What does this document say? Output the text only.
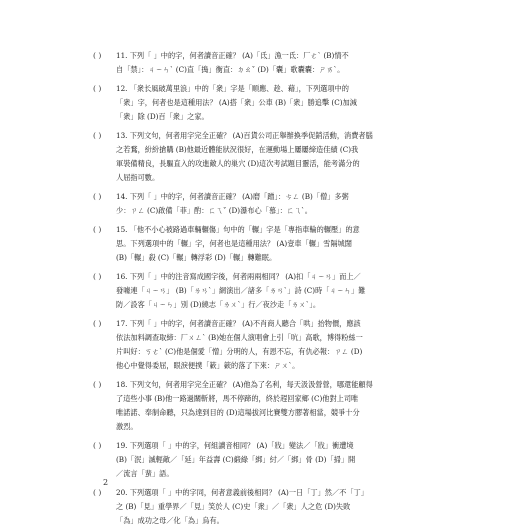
( ) 11. 下列「 」中的字，何者讀音正確？ (A)「氐」漁一氐：厂ㄜˋ (B)情不
自「禁」：ㄐㄧㄣˋ (C)直「搗」衡直：ㄉㄠˇ (D)「囊」歌囊囊：ㄕㄞˋ。
( ) 12. 「衆长風破萬里浪」中的「衆」字是「順應、趁、藉」，下列選項中的
「衆」字，何者也是這種用法？ (A)搭「衆」公車 (B)「衆」勝追擊 (C)加減
「衆」除 (D)百「衆」之家。
( ) 13. 下列文句，何者用字完全正確？ (A)百貨公司正舉辦換季促銷活動，消費者腦
之若鶩，紛紛搶購 (B)他最近體能狀況很好，在運動場上屢屢締造佳績 (C)我
軍裝備精良，長驅直入的攻進敵人的巢穴 (D)這次考試題目靈活，能考滿分的
人屈指可數。
( ) 14. 下列「 」中的字，何者讀音正確？ (A)磨「蹭」：ㄘㄥ (B)「僧」多粥
少：ㄗㄥ (C)啟備「菲」酌：ㄈㄟˇ (D)瀑布心「慕」：ㄈㄟˋ。
( ) 15. 「他不小心被路過車輛輾傷」句中的「輾」字是「專指車輪的輾壓」的意
思。下列選項中的「輾」字，何者也是這種用法？ (A)壹車「輾」雪隔城闊
(B)「輾」殺 (C)「輾」轉浮彩 (D)「輾」轉難眠。
( ) 16. 下列「 」中的注音寫成國字後，何者兩兩相同？ (A)扣「ㄐㄧㄢ」而上／
發噱連「ㄐㄧㄢ」 (B)「ㄌㄢˋ」網演出／諸多「ㄌㄢˋ」詩 (C)時「ㄐㄧㄣ」難
防／設客「ㄐㄧㄣ」別 (D)繞志「ㄌㄨˋ」行／夜沙走「ㄌㄨˋ」。
( ) 17. 下列「 」中的字，何者讀音正確？ (A)不肖商人聽合「哄」抬物價，應該
依法加料調查取締：厂ㄨㄥˋ (B)她在個人演唱會上引「吭」高歌，博得粉絲一
片叫好：ㄎㄜˋ (C)他是個愛「憎」分明的人，有恩不忘，有仇必報：ㄗㄥ (D)
他心中覺得委屈，眼淚便撲「簌」簌的落了下來：ㄕㄨˋ。
( ) 18. 下列文句，何者用字完全正確？ (A)他為了名利，每天汲汲營營，哪還能顧得
了這些小事 (B)他一路過關斬將，馬不停蹄的，終於趕回家鄉 (C)他對上司唯
唯諾諾、奉制命聽，只為達到目的 (D)這場拔河比賽雙方膠著相當，競爭十分
激烈。
( ) 19. 下列選項「 」中的字，何組讀音相同？ (A)「戕」變法／「戕」衝遭境
(B)「泯」滅輕敵／「延」年益壽 (C)緞綠「綁」紂／「綁」骨 (D)「掃」開
／流言「蜚」語。
( ) 20. 下列選項「 」中的字同，何者意義前後相同？ (A)一日「丁」然／不「丁」
之 (B)「見」重學界／「見」笑於人 (C)史「衆」／「衆」人之危 (D)失敗
「為」成功之母／化「為」烏有。
2
